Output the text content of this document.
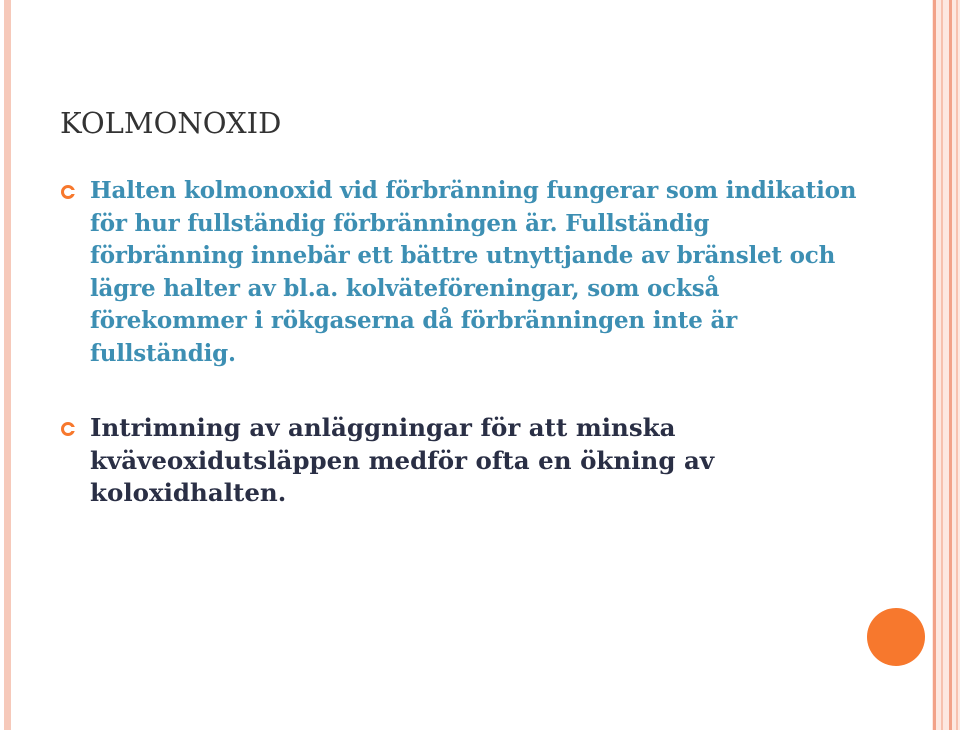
KOLMONOXID
Halten kolmonoxid vid förbränning fungerar som indikation för hur fullständig förbränningen är. Fullständig förbränning innebär ett bättre utnyttjande av bränslet och lägre halter av bl.a. kolväteföreningar, som också förekommer i rökgaserna då förbränningen inte är fullständig.
Intrimning av anläggningar för att minska kväveoxidutsläppen medför ofta en ökning av koloxidhalten.
